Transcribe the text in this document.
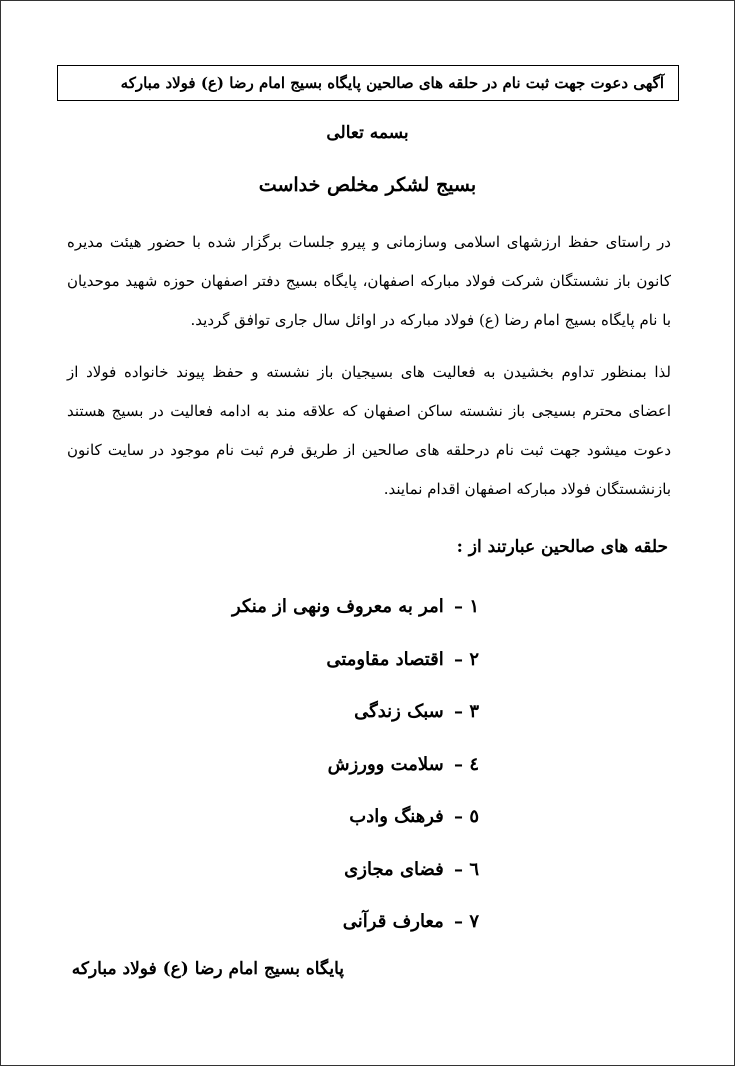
آگهی دعوت جهت ثبت نام در حلقه های صالحین پایگاه بسیج امام رضا (ع) فولاد مبارکه
بسمه تعالی
بسیج لشکر مخلص خداست
در راستای حفظ ارزشهای اسلامی وسازمانی و پیرو جلسات برگزار شده با حضور هیئت مدیره کانون باز نشستگان شرکت فولاد مبارکه اصفهان، پایگاه بسیج دفتر اصفهان حوزه شهید موحدیان با نام پایگاه بسیج امام رضا (ع) فولاد مبارکه در اوائل سال جاری توافق گردید.
لذا بمنظور تداوم بخشیدن به فعالیت های بسیجیان باز نشسته و حفظ پیوند خانواده فولاد از اعضای محترم بسیجی باز نشسته ساکن اصفهان که علاقه مند به ادامه فعالیت در بسیج هستند دعوت میشود جهت ثبت نام درحلقه های صالحین از طریق فرم ثبت نام موجود در سایت کانون بازنشستگان فولاد مبارکه اصفهان اقدام نمایند.
حلقه های صالحین عبارتند از :
۱ – امر به معروف ونهی از منکر
۲ – اقتصاد مقاومتی
۳ – سبک زندگی
٤ – سلامت وورزش
٥ – فرهنگ وادب
٦ – فضای مجازی
۷ – معارف قرآنی
پایگاه بسیج امام رضا (ع) فولاد مبارکه
